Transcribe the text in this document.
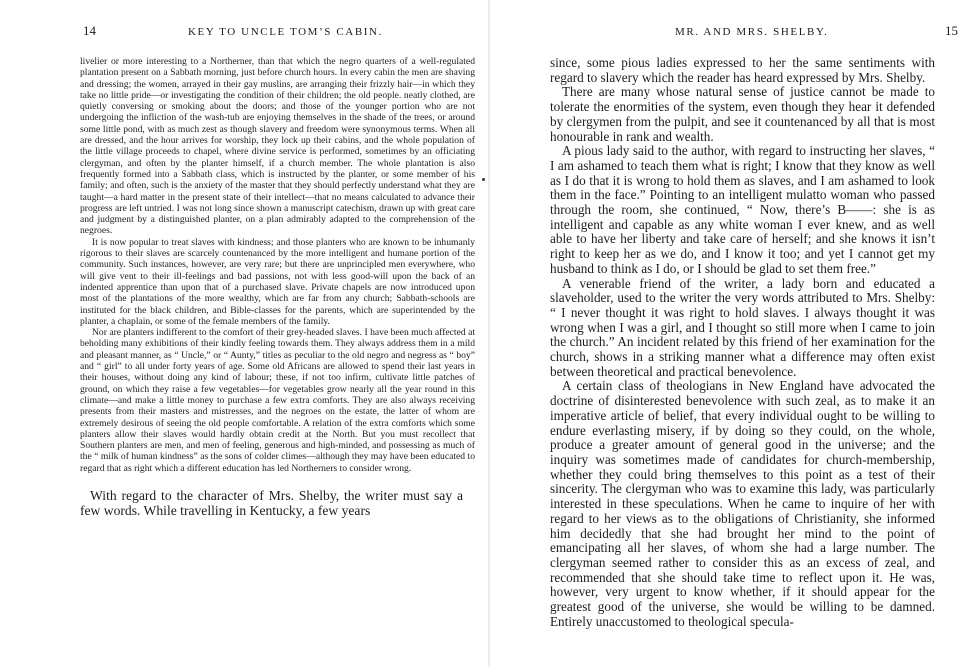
14	KEY TO UNCLE TOM’S CABIN.

livelier or more interesting to a Northerner, than that which the negro quarters of a well-regulated plantation present on a Sabbath morning, just before church hours. In every cabin the men are shaving and dressing; the women, arrayed in their gay muslins, are arranging their frizzly hair—in which they take no little pride—or investigating the condition of their children; the old people. neatly clothed, are quietly conversing or smoking about the doors; and those of the younger portion who are not undergoing the infliction of the wash-tub are enjoying themselves in the shade of the trees, or around some little pond, with as much zest as though slavery and freedom were synonymous terms. When all are dressed, and the hour arrives for worship, they lock up their cabins, and the whole population of the little village proceeds to chapel, where divine service is performed, sometimes by an officiating clergyman, and often by the planter himself, if a church member. The whole plantation is also frequently formed into a Sabbath class, which is instructed by the planter, or some member of his family; and often, such is the anxiety of the master that they should perfectly understand what they are taught—a hard matter in the present state of their intellect—that no means calculated to advance their progress are left untried. I was not long since shown a manuscript catechism, drawn up with great care and judgment by a distinguished planter, on a plan admirably adapted to the comprehension of the negroes.

It is now popular to treat slaves with kindness; and those planters who are known to be inhumanly rigorous to their slaves are scarcely countenanced by the more intelligent and humane portion of the community. Such instances, however, are very rare; but there are unprincipled men everywhere, who will give vent to their ill-feelings and bad passions, not with less good-will upon the back of an indented apprentice than upon that of a purchased slave. Private chapels are now introduced upon most of the plantations of the more wealthy, which are far from any church; Sabbath-schools are instituted for the black children, and Bible-classes for the parents, which are superintended by the planter, a chaplain, or some of the female members of the family.

Nor are planters indifferent to the comfort of their grey-headed slaves. I have been much affected at beholding many exhibitions of their kindly feeling towards them. They always address them in a mild and pleasant manner, as “ Uncle,” or “ Aunty,” titles as peculiar to the old negro and negress as “ boy” and “ girl” to all under forty years of age. Some old Africans are allowed to spend their last years in their houses, without doing any kind of labour; these, if not too infirm, cultivate little patches of ground, on which they raise a few vegetables—for vegetables grow nearly all the year round in this climate—and make a little money to purchase a few extra comforts. They are also always receiving presents from their masters and mistresses, and the negroes on the estate, the latter of whom are extremely desirous of seeing the old people comfortable. A relation of the extra comforts which some planters allow their slaves would hardly obtain credit at the North. But you must recollect that Southern planters are men, and men of feeling, generous and high-minded, and possessing as much of the “ milk of human kindness” as the sons of colder climes—although they may have been educated to regard that as right which a different education has led Northerners to consider wrong.

With regard to the character of Mrs. Shelby, the writer must say a few words. While travelling in Kentucky, a few years

MR. AND MRS. SHELBY.	15

since, some pious ladies expressed to her the same sentiments with regard to slavery which the reader has heard expressed by Mrs. Shelby.

There are many whose natural sense of justice cannot be made to tolerate the enormities of the system, even though they hear it defended by clergymen from the pulpit, and see it countenanced by all that is most honourable in rank and wealth.

A pious lady said to the author, with regard to instructing her slaves, “ I am ashamed to teach them what is right; I know that they know as well as I do that it is wrong to hold them as slaves, and I am ashamed to look them in the face.” Pointing to an intelligent mulatto woman who passed through the room, she continued, “ Now, there’s B——: she is as intelligent and capable as any white woman I ever knew, and as well able to have her liberty and take care of herself; and she knows it isn’t right to keep her as we do, and I know it too; and yet I cannot get my husband to think as I do, or I should be glad to set them free.”

A venerable friend of the writer, a lady born and educated a slaveholder, used to the writer the very words attributed to Mrs. Shelby: “ I never thought it was right to hold slaves. I always thought it was wrong when I was a girl, and I thought so still more when I came to join the church.” An incident related by this friend of her examination for the church, shows in a striking manner what a difference may often exist between theoretical and practical benevolence.

A certain class of theologians in New England have advocated the doctrine of disinterested benevolence with such zeal, as to make it an imperative article of belief, that every individual ought to be willing to endure everlasting misery, if by doing so they could, on the whole, produce a greater amount of general good in the universe; and the inquiry was sometimes made of candidates for church-membership, whether they could bring themselves to this point as a test of their sincerity. The clergyman who was to examine this lady, was particularly interested in these speculations. When he came to inquire of her with regard to her views as to the obligations of Christianity, she informed him decidedly that she had brought her mind to the point of emancipating all her slaves, of whom she had a large number. The clergyman seemed rather to consider this as an excess of zeal, and recommended that she should take time to reflect upon it. He was, however, very urgent to know whether, if it should appear for the greatest good of the universe, she would be willing to be damned. Entirely unaccustomed to theological specula-
